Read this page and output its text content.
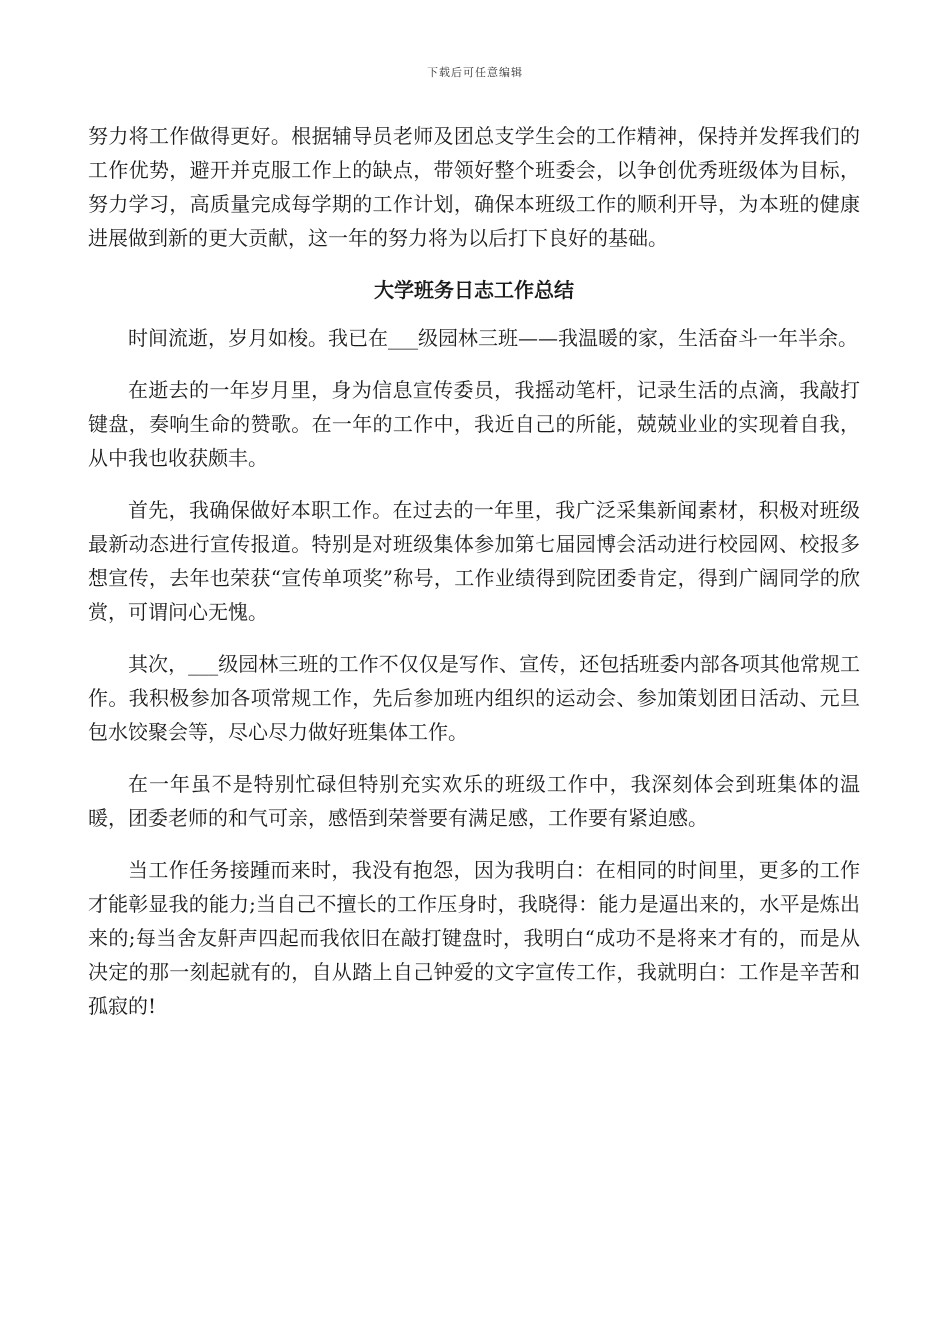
下载后可任意编辑

努力将工作做得更好。根据辅导员老师及团总支学生会的工作精神，保持并发挥我们的工作优势，避开并克服工作上的缺点，带领好整个班委会，以争创优秀班级体为目标，努力学习，高质量完成每学期的工作计划，确保本班级工作的顺利开导，为本班的健康进展做到新的更大贡献，这一年的努力将为以后打下良好的基础。

大学班务日志工作总结

时间流逝，岁月如梭。我已在___级园林三班——我温暖的家，生活奋斗一年半余。

在逝去的一年岁月里，身为信息宣传委员，我摇动笔杆，记录生活的点滴，我敲打键盘，奏响生命的赞歌。在一年的工作中，我近自己的所能，兢兢业业的实现着自我，从中我也收获颇丰。

首先，我确保做好本职工作。在过去的一年里，我广泛采集新闻素材，积极对班级最新动态进行宣传报道。特别是对班级集体参加第七届园博会活动进行校园网、校报多想宣传，去年也荣获“宣传单项奖”称号，工作业绩得到院团委肯定，得到广阔同学的欣赏，可谓问心无愧。

其次，___级园林三班的工作不仅仅是写作、宣传，还包括班委内部各项其他常规工作。我积极参加各项常规工作，先后参加班内组织的运动会、参加策划团日活动、元旦包水饺聚会等，尽心尽力做好班集体工作。

在一年虽不是特别忙碌但特别充实欢乐的班级工作中，我深刻体会到班集体的温暖，团委老师的和气可亲，感悟到荣誉要有满足感，工作要有紧迫感。

当工作任务接踵而来时，我没有抱怨，因为我明白：在相同的时间里，更多的工作才能彰显我的能力;当自己不擅长的工作压身时，我晓得：能力是逼出来的，水平是炼出来的;每当舍友鼾声四起而我依旧在敲打键盘时，我明白“成功不是将来才有的，而是从决定的那一刻起就有的，自从踏上自己钟爱的文字宣传工作，我就明白：工作是辛苦和孤寂的!
